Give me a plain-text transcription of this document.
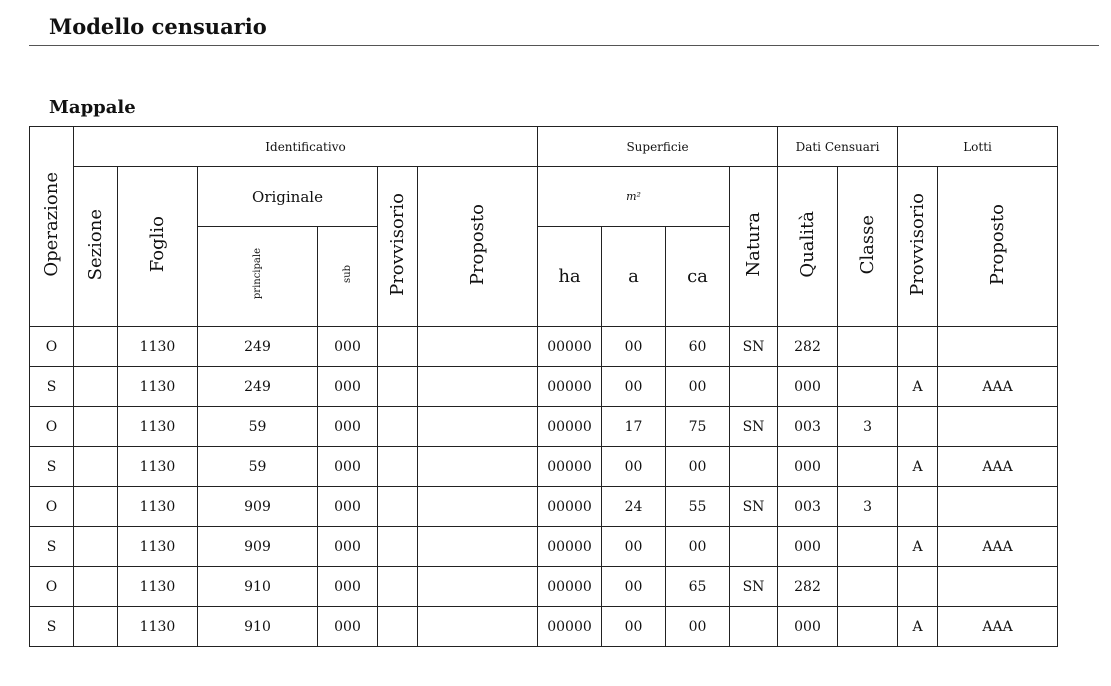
Modello censuario
Mappale
Operazione	Identificativo						Superficie				Dati Censuari		Lotti	
	Sezione	Foglio	Originale		Provvisorio	Proposto	m²			Natura	Qualità	Classe	Provvisorio	Proposto
			principale	sub			ha	a	ca					
O		1130	249	000			00000	00	60	SN	282			
S		1130	249	000			00000	00	00		000		A	AAA
O		1130	59	000			00000	17	75	SN	003	3		
S		1130	59	000			00000	00	00		000		A	AAA
O		1130	909	000			00000	24	55	SN	003	3		
S		1130	909	000			00000	00	00		000		A	AAA
O		1130	910	000			00000	00	65	SN	282			
S		1130	910	000			00000	00	00		000		A	AAA
